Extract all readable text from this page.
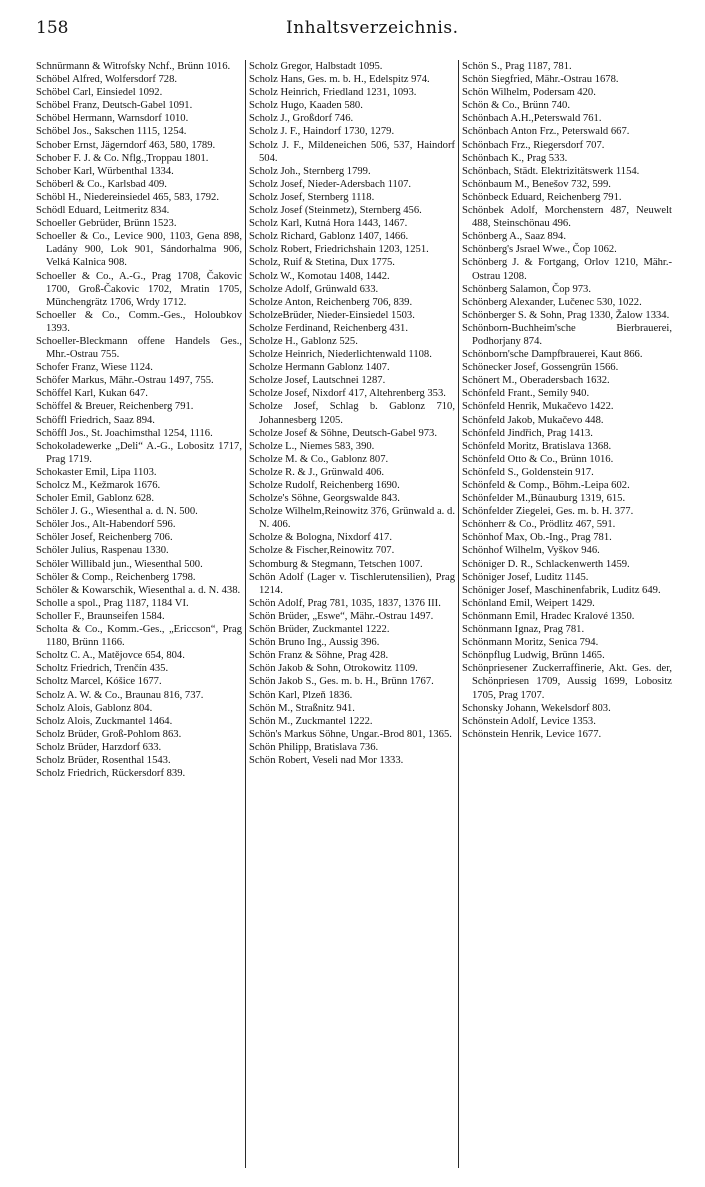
158	Inhaltsverzeichnis.
Schnürmann & Witrofsky Nchf., Brünn 1016.
Schöbel Alfred, Wolfersdorf 728.
Schöbel Carl, Einsiedel 1092.
Schöbel Franz, Deutsch-Gabel 1091.
Schöbel Hermann, Warnsdorf 1010.
Schöbel Jos., Sakschen 1115, 1254.
Schober Ernst, Jägerndorf 463, 580, 1789.
Schober F. J. & Co. Nflg.,Troppau 1801.
Schober Karl, Würbenthal 1334.
Schöberl & Co., Karlsbad 409.
Schöbl H., Niedereinsiedel 465, 583, 1792.
Schödl Eduard, Leitmeritz 834.
Schoeller Gebrüder, Brünn 1523.
Schoeller & Co., Levice 900, 1103, Gena 898, Ladány 900, Lok 901, Sándorhalma 906, Velká Kalnica 908.
Schoeller & Co., A.-G., Prag 1708, Čakovic 1700, Groß-Čakovic 1702, Mratin 1705, Münchengrätz 1706, Wrdy 1712.
Schoeller & Co., Comm.-Ges., Holoubkov 1393.
Schoeller-Bleckmann offene Handels Ges., Mhr.-Ostrau 755.
Schofer Franz, Wiese 1124.
Schöfer Markus, Mähr.-Ostrau 1497, 755.
Schöffel Karl, Kukan 647.
Schöffel & Breuer, Reichenberg 791.
Schöffl Friedrich, Saaz 894.
Schöffl Jos., St. Joachimsthal 1254, 1116.
Schokoladewerke „Deli“ A.-G., Lobositz 1717, Prag 1719.
Schokaster Emil, Lipa 1103.
Scholcz M., Kežmarok 1676.
Scholer Emil, Gablonz 628.
Schöler J. G., Wiesenthal a. d. N. 500.
Schöler Jos., Alt-Habendorf 596.
Schöler Josef, Reichenberg 706.
Schöler Julius, Raspenau 1330.
Schöler Willibald jun., Wiesenthal 500.
Schöler & Comp., Reichenberg 1798.
Schöler & Kowarschik, Wiesenthal a. d. N. 438.
Scholle a spol., Prag 1187, 1184 VI.
Scholler F., Braunseifen 1584.
Scholta & Co., Komm.-Ges., „Ericcson“, Prag 1180, Brünn 1166.
Scholtz C. A., Matějovce 654, 804.
Scholtz Friedrich, Trenčín 435.
Scholtz Marcel, Kóšice 1677.
Scholz A. W. & Co., Braunau 816, 737.
Scholz Alois, Gablonz 804.
Scholz Alois, Zuckmantel 1464.
Scholz Brüder, Groß-Pohlom 863.
Scholz Brüder, Harzdorf 633.
Scholz Brüder, Rosenthal 1543.
Scholz Friedrich, Rückersdorf 839.
Scholz Gregor, Halbstadt 1095.
Scholz Hans, Ges. m. b. H., Edelspitz 974.
Scholz Heinrich, Friedland 1231, 1093.
Scholz Hugo, Kaaden 580.
Scholz J., Großdorf 746.
Scholz J. F., Haindorf 1730, 1279.
Scholz J. F., Mildeneichen 506, 537, Haindorf 504.
Scholz Joh., Sternberg 1799.
Scholz Josef, Nieder-Adersbach 1107.
Scholz Josef, Sternberg 1118.
Scholz Josef (Steinmetz), Sternberg 456.
Scholz Karl, Kutná Hora 1443, 1467.
Scholz Richard, Gablonz 1407, 1466.
Scholz Robert, Friedrichshain 1203, 1251.
Scholz, Ruif & Stetina, Dux 1775.
Scholz W., Komotau 1408, 1442.
Scholze Adolf, Grünwald 633.
Scholze Anton, Reichenberg 706, 839.
ScholzeBrüder, Nieder-Einsiedel 1503.
Scholze Ferdinand, Reichenberg 431.
Scholze H., Gablonz 525.
Scholze Heinrich, Niederlichtenwald 1108.
Scholze Hermann Gablonz 1407.
Scholze Josef, Lautschnei 1287.
Scholze Josef, Nixdorf 417, Altehrenberg 353.
Scholze Josef, Schlag b. Gablonz 710, Johannesberg 1205.
Scholze Josef & Söhne, Deutsch-Gabel 973.
Scholze L., Niemes 583, 390.
Scholze M. & Co., Gablonz 807.
Scholze R. & J., Grünwald 406.
Scholze Rudolf, Reichenberg 1690.
Scholze's Söhne, Georgswalde 843.
Scholze Wilhelm,Reinowitz 376, Grünwald a. d. N. 406.
Scholze & Bologna, Nixdorf 417.
Scholze & Fischer,Reinowitz 707.
Schomburg & Stegmann, Tetschen 1007.
Schön Adolf (Lager v. Tischlerutensilien), Prag 1214.
Schön Adolf, Prag 781, 1035, 1837, 1376 III.
Schön Brüder, „Eswe“, Mähr.-Ostrau 1497.
Schön Brüder, Zuckmantel 1222.
Schön Bruno Ing., Aussig 396.
Schön Franz & Söhne, Prag 428.
Schön Jakob & Sohn, Otrokowitz 1109.
Schön Jakob S., Ges. m. b. H., Brünn 1767.
Schön Karl, Plzeň 1836.
Schön M., Straßnitz 941.
Schön M., Zuckmantel 1222.
Schön's Markus Söhne, Ungar.-Brod 801, 1365.
Schön Philipp, Bratislava 736.
Schön Robert, Veseli nad Mor 1333.
Schön S., Prag 1187, 781.
Schön Siegfried, Mähr.-Ostrau 1678.
Schön Wilhelm, Podersam 420.
Schön & Co., Brünn 740.
Schönbach A.H.,Peterswald 761.
Schönbach Anton Frz., Peterswald 667.
Schönbach Frz., Riegersdorf 707.
Schönbach K., Prag 533.
Schönbach, Städt. Elektrizitätswerk 1154.
Schönbaum M., Benešov 732, 599.
Schönbeck Eduard, Reichenberg 791.
Schönbek Adolf, Morchenstern 487, Neuwelt 488, Steinschönau 496.
Schönberg A., Saaz 894.
Schönberg's Jsrael Wwe., Čop 1062.
Schönberg J. & Fortgang, Orlov 1210, Mähr.-Ostrau 1208.
Schönberg Salamon, Čop 973.
Schönberg Alexander, Lučenec 530, 1022.
Schönberger S. & Sohn, Prag 1330, Žalow 1334.
Schönborn-Buchheim'sche Bierbrauerei, Podhorjany 874.
Schönborn'sche Dampfbrauerei, Kaut 866.
Schönecker Josef, Gossengrün 1566.
Schönert M., Oberadersbach 1632.
Schönfeld Frant., Semily 940.
Schönfeld Henrik, Mukačevo 1422.
Schönfeld Jakob, Mukačevo 448.
Schönfeld Jindřich, Prag 1413.
Schönfeld Moritz, Bratislava 1368.
Schönfeld Otto & Co., Brünn 1016.
Schönfeld S., Goldenstein 917.
Schönfeld & Comp., Böhm.-Leipa 602.
Schönfelder M.,Bünauburg 1319, 615.
Schönfelder Ziegelei, Ges. m. b. H. 377.
Schönherr & Co., Prödlitz 467, 591.
Schönhof Max, Ob.-Ing., Prag 781.
Schönhof Wilhelm, Vyškov 946.
Schöniger D. R., Schlackenwerth 1459.
Schöniger Josef, Luditz 1145.
Schöniger Josef, Maschinenfabrik, Luditz 649.
Schönland Emil, Weipert 1429.
Schönmann Emil, Hradec Kralové 1350.
Schönmann Ignaz, Prag 781.
Schönmann Moritz, Senica 794.
Schönpflug Ludwig, Brünn 1465.
Schönpriesener Zuckerraffinerie, Akt. Ges. der, Schönpriesen 1709, Aussig 1699, Lobositz 1705, Prag 1707.
Schonsky Johann, Wekelsdorf 803.
Schönstein Adolf, Levice 1353.
Schönstein Henrik, Levice 1677.
